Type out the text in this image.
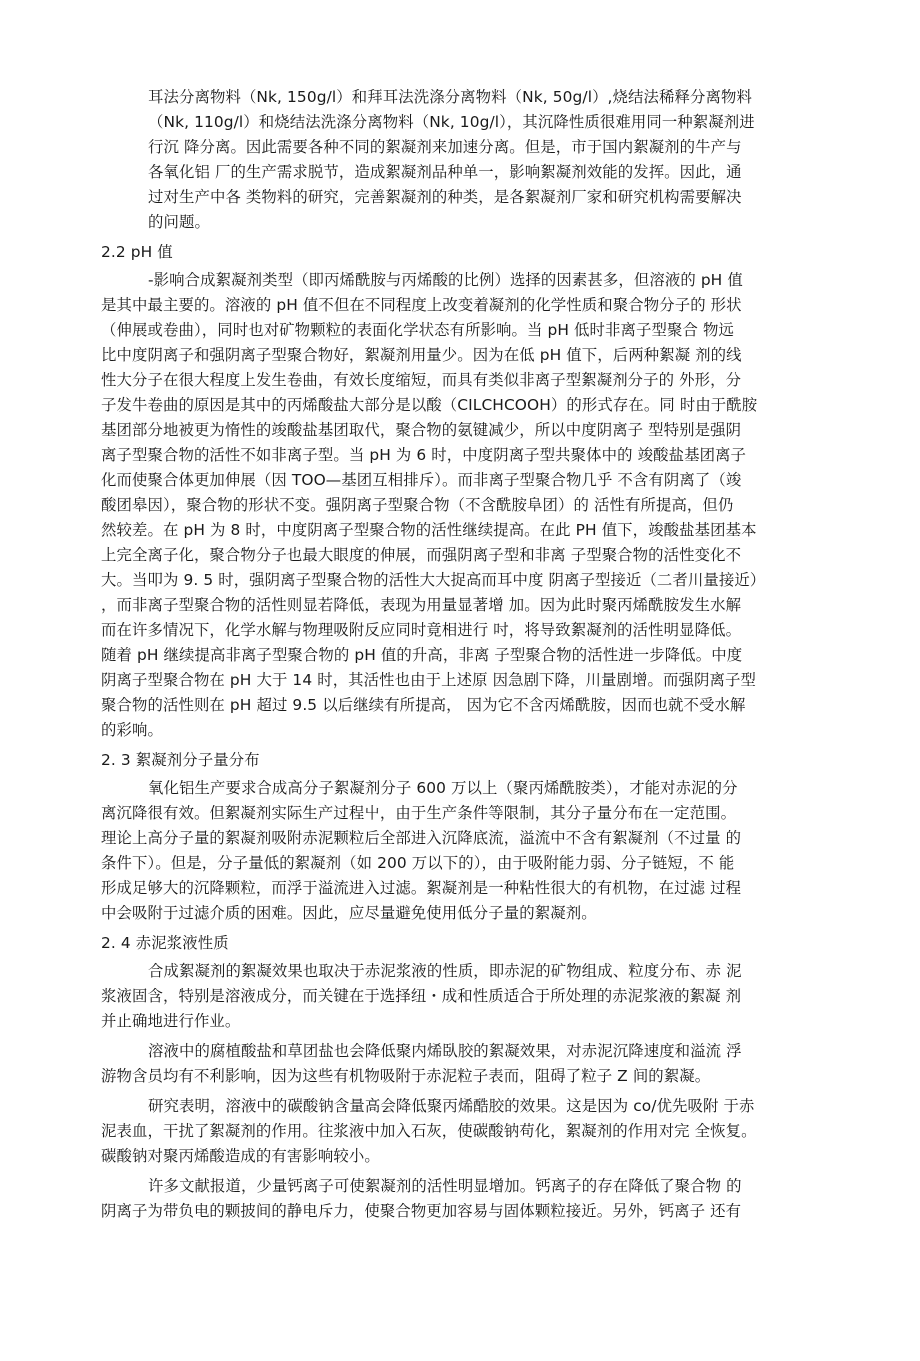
耳法分离物料（Nk, 150g/l）和拜耳法洗涤分离物料（Nk, 50g/l）,烧结法稀释分离物料
（Nk, 110g/l）和烧结法洗涤分离物料（Nk, 10g/l），其沉降性质很难用同一种絮凝剂进
行沉 降分离。因此需要各种不同的絮凝剂来加速分离。但是，市于国内絮凝剂的牛产与
各氧化铝 厂的生产需求脱节，造成絮凝剂品种单一，影响絮凝剂效能的发挥。因此，通
过对生产中各 类物料的研究，完善絮凝剂的种类，是各絮凝剂厂家和研究机构需要解决
的问题。
2.2 pH 值
-影响合成絮凝剂类型（即丙烯酰胺与丙烯酸的比例）选择的因素甚多，但溶液的 pH 值
是其中最主要的。溶液的 pH 值不但在不同程度上改变着凝剂的化学性质和聚合物分子的 形状
（伸展或卷曲），同时也对矿物颗粒的表面化学状态有所影响。当 pH 低时非离子型聚合 物远
比中度阴离子和强阴离子型聚合物好，絮凝剂用量少。因为在低 pH 值下，后两种絮凝 剂的线
性大分子在很大程度上发生卷曲，有效长度缩短，而具有类似非离子型絮凝剂分子的 外形，分
子发牛卷曲的原因是其中的丙烯酸盐大部分是以酸（CILCHCOOH）的形式存在。同 时由于酰胺
基团部分地被更为惰性的竣酸盐基团取代，聚合物的氨键减少，所以中度阴离子 型特别是强阴
离子型聚合物的活性不如非离子型。当 pH 为 6 时，中度阴离子型共聚体中的 竣酸盐基团离子
化而使聚合体更加伸展（因 TOO—基团互相排斥）。而非离子型聚合物几乎 不含有阴离了（竣
酸团皋因），聚合物的形状不变。强阴离子型聚合物（不含酰胺阜团）的 活性有所提高，但仍
然较差。在 pH 为 8 时，中度阴离子型聚合物的活性继续提高。在此 PH 值下，竣酸盐基团基本
上完全离子化，聚合物分子也最大眼度的伸展，而强阴离子型和非离 子型聚合物的活性变化不
大。当叩为 9. 5 时，强阴离子型聚合物的活性大大捉高而耳中度 阴离子型接近（二者川量接近）
，而非离子型聚合物的活性则显若降低，表现为用量显著增 加。因为此时聚丙烯酰胺发生水解
而在许多情况下，化学水解与物理吸附反应同时竟相进行 吋，将导致絮凝剂的活性明显降低。
随着 pH 继续提高非离子型聚合物的 pH 值的升高，非离 子型聚合物的活性进一步降低。中度
阴离子型聚合物在 pH 大于 14 时，其活性也由于上述原 因急剧下降，川量剧增。而强阴离子型
聚合物的活性则在 pH 超过 9.5 以后继续有所提高， 因为它不含丙烯酰胺，因而也就不受水解
的彩响。
2. 3 絮凝剂分子量分布
氧化铝生产要求合成高分子絮凝剂分子 600 万以上（聚丙烯酰胺类），才能对赤泥的分
离沉降很有效。但絮凝剂实际生产过程屮，由于生产条件等限制，其分子量分布在一定范围。
理论上高分子量的絮凝剂吸附赤泥颗粒后全部进入沉降底流，溢流中不含有絮凝剂（不过量 的
条件下）。但是，分子量低的絮凝剂（如 200 万以下的），由于吸附能力弱、分子链短，不 能
形成足够大的沉降颗粒，而浮于溢流进入过滤。絮凝剂是一种粘性很大的有机物，在过滤 过程
中会吸附于过滤介质的困难。因此，应尽量避免使用低分子量的絮凝剂。
2. 4 赤泥浆液性质
合成絮凝剂的絮凝效果也取决于赤泥浆液的性质，即赤泥的矿物组成、粒度分布、赤 泥
浆液固含，特别是溶液成分，而关键在于选择纽・成和性质适合于所处理的赤泥浆液的絮凝 剂
并止确地进行作业。
溶液中的腐植酸盐和草团盐也会降低聚内烯臥胶的絮凝效果，对赤泥沉降速度和溢流 浮
游物含员均有不利影响，因为这些有机物吸附于赤泥粒子表而，阻碍了粒子 Z 间的絮凝。
研究表明，溶液中的碳酸钠含量高会降低聚丙烯酷胶的效果。这是因为 co/优先吸附 于赤
泥表血，干扰了絮凝剂的作用。往浆液中加入石灰，使碳酸钠苟化，絮凝剂的作用对完 全恢复。
碳酸钠对聚丙烯酸造成的有害影响较小。
许多文献报道，少量钙离子可使絮凝剂的活性明显增加。钙离子的存在降低了聚合物 的
阴离子为带负电的颗披间的静电斥力，使聚合物更加容易与固体颗粒接近。另外，钙离子 还有
